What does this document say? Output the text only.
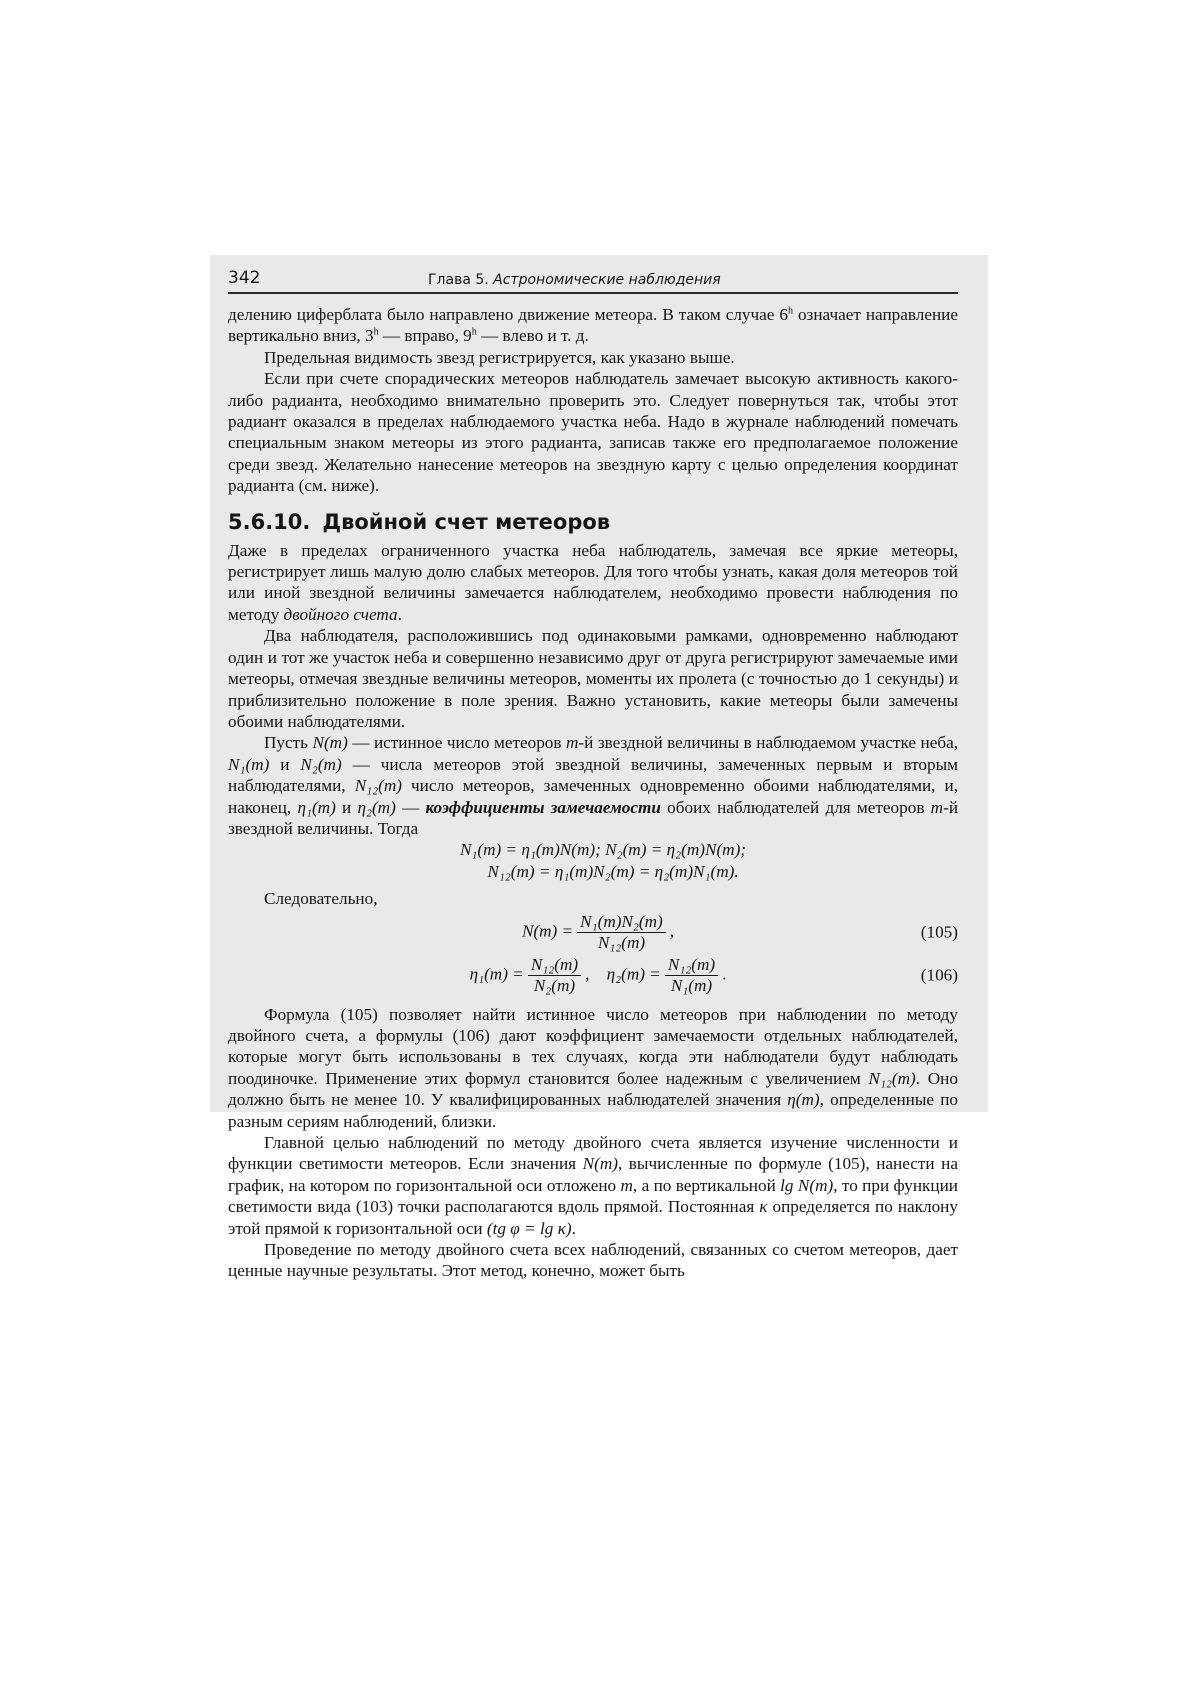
342	Глава 5. Астрономические наблюдения

делению циферблата было направлено движение метеора. В таком случае 6$^h$ означает направление вертикально вниз, 3$^h$ — вправо, 9$^h$ — влево и т. д.

Предельная видимость звезд регистрируется, как указано выше.

Если при счете спорадических метеоров наблюдатель замечает высокую активность какого-либо радианта, необходимо внимательно проверить это. Следует повернуться так, чтобы этот радиант оказался в пределах наблюдаемого участка неба. Надо в журнале наблюдений помечать специальным знаком метеоры из этого радианта, записав также его предполагаемое положение среди звезд. Желательно нанесение метеоров на звездную карту с целью определения координат радианта (см. ниже).

5.6.10. Двойной счет метеоров

Даже в пределах ограниченного участка неба наблюдатель, замечая все яркие метеоры, регистрирует лишь малую долю слабых метеоров. Для того чтобы узнать, какая доля метеоров той или иной звездной величины замечается наблюдателем, необходимо провести наблюдения по методу двойного счета.

Два наблюдателя, расположившись под одинаковыми рамками, одновременно наблюдают один и тот же участок неба и совершенно независимо друг от друга регистрируют замечаемые ими метеоры, отмечая звездные величины метеоров, моменты их пролета (с точностью до 1 секунды) и приблизительно положение в поле зрения. Важно установить, какие метеоры были замечены обоими наблюдателями.

Пусть N(m) — истинное число метеоров m-й звездной величины в наблюдаемом участке неба, N₁(m) и N₂(m) — числа метеоров этой звездной величины, замеченных первым и вторым наблюдателями, N₁₂(m) число метеоров, замеченных одновременно обоими наблюдателями, и, наконец, η₁(m) и η₂(m) — коэффициенты замечаемости обоих наблюдателей для метеоров m-й звездной величины. Тогда

N₁(m) = η₁(m)N(m); N₂(m) = η₂(m)N(m);
N₁₂(m) = η₁(m)N₂(m) = η₂(m)N₁(m).

Следовательно,

$N(m) = \frac{\text{N₁(m)N₂(m)}}{\text{N₁₂(m)}}$ ,	(105)
$\eta_1(m) = \frac{\text{N₁₂(m)}}{\text{N₂(m)}}$ ,    $\eta_2(m) = \frac{\text{N₁₂(m)}}{\text{N₁(m)}}$ .	(106)

Формула (105) позволяет найти истинное число метеоров при наблюдении по методу двойного счета, а формулы (106) дают коэффициент замечаемости отдельных наблюдателей, которые могут быть использованы в тех случаях, когда эти наблюдатели будут наблюдать поодиночке. Применение этих формул становится более надежным с увеличением N₁₂(m). Оно должно быть не менее 10. У квалифицированных наблюдателей значения η(m), определенные по разным сериям наблюдений, близки.

Главной целью наблюдений по методу двойного счета является изучение численности и функции светимости метеоров. Если значения N(m), вычисленные по формуле (105), нанести на график, на котором по горизонтальной оси отложено m, а по вертикальной lg N(m), то при функции светимости вида (103) точки располагаются вдоль прямой. Постоянная κ определяется по наклону этой прямой к горизонтальной оси (tg φ = lg κ).

Проведение по методу двойного счета всех наблюдений, связанных со счетом метеоров, дает ценные научные результаты. Этот метод, конечно, может быть
